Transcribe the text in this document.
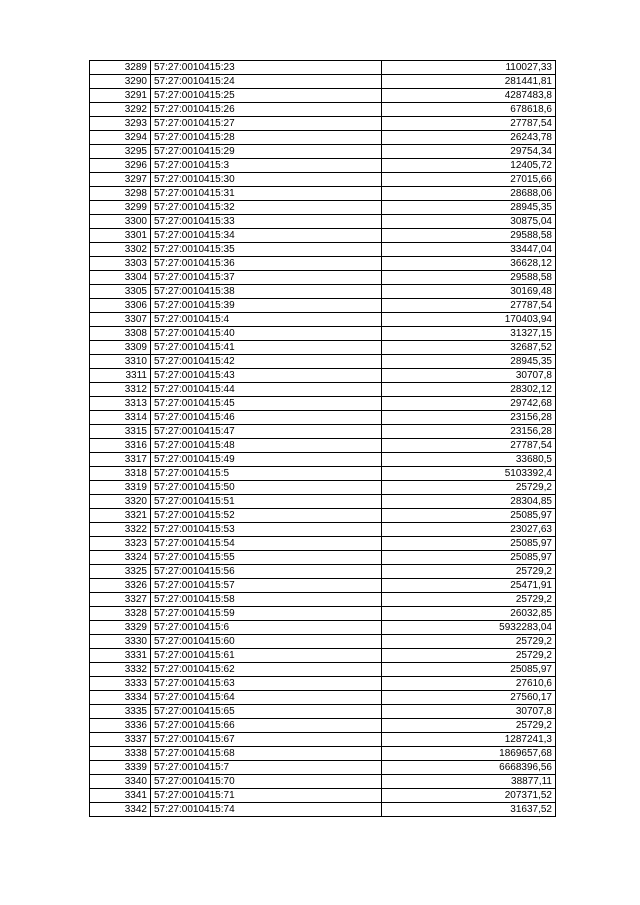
3289	57:27:0010415:23	110027,33
3290	57:27:0010415:24	281441,81
3291	57:27:0010415:25	4287483,8
3292	57:27:0010415:26	678618,6
3293	57:27:0010415:27	27787,54
3294	57:27:0010415:28	26243,78
3295	57:27:0010415:29	29754,34
3296	57:27:0010415:3	12405,72
3297	57:27:0010415:30	27015,66
3298	57:27:0010415:31	28688,06
3299	57:27:0010415:32	28945,35
3300	57:27:0010415:33	30875,04
3301	57:27:0010415:34	29588,58
3302	57:27:0010415:35	33447,04
3303	57:27:0010415:36	36628,12
3304	57:27:0010415:37	29588,58
3305	57:27:0010415:38	30169,48
3306	57:27:0010415:39	27787,54
3307	57:27:0010415:4	170403,94
3308	57:27:0010415:40	31327,15
3309	57:27:0010415:41	32687,52
3310	57:27:0010415:42	28945,35
3311	57:27:0010415:43	30707,8
3312	57:27:0010415:44	28302,12
3313	57:27:0010415:45	29742,68
3314	57:27:0010415:46	23156,28
3315	57:27:0010415:47	23156,28
3316	57:27:0010415:48	27787,54
3317	57:27:0010415:49	33680,5
3318	57:27:0010415:5	5103392,4
3319	57:27:0010415:50	25729,2
3320	57:27:0010415:51	28304,85
3321	57:27:0010415:52	25085,97
3322	57:27:0010415:53	23027,63
3323	57:27:0010415:54	25085,97
3324	57:27:0010415:55	25085,97
3325	57:27:0010415:56	25729,2
3326	57:27:0010415:57	25471,91
3327	57:27:0010415:58	25729,2
3328	57:27:0010415:59	26032,85
3329	57:27:0010415:6	5932283,04
3330	57:27:0010415:60	25729,2
3331	57:27:0010415:61	25729,2
3332	57:27:0010415:62	25085,97
3333	57:27:0010415:63	27610,6
3334	57:27:0010415:64	27560,17
3335	57:27:0010415:65	30707,8
3336	57:27:0010415:66	25729,2
3337	57:27:0010415:67	1287241,3
3338	57:27:0010415:68	1869657,68
3339	57:27:0010415:7	6668396,56
3340	57:27:0010415:70	38877,11
3341	57:27:0010415:71	207371,52
3342	57:27:0010415:74	31637,52
